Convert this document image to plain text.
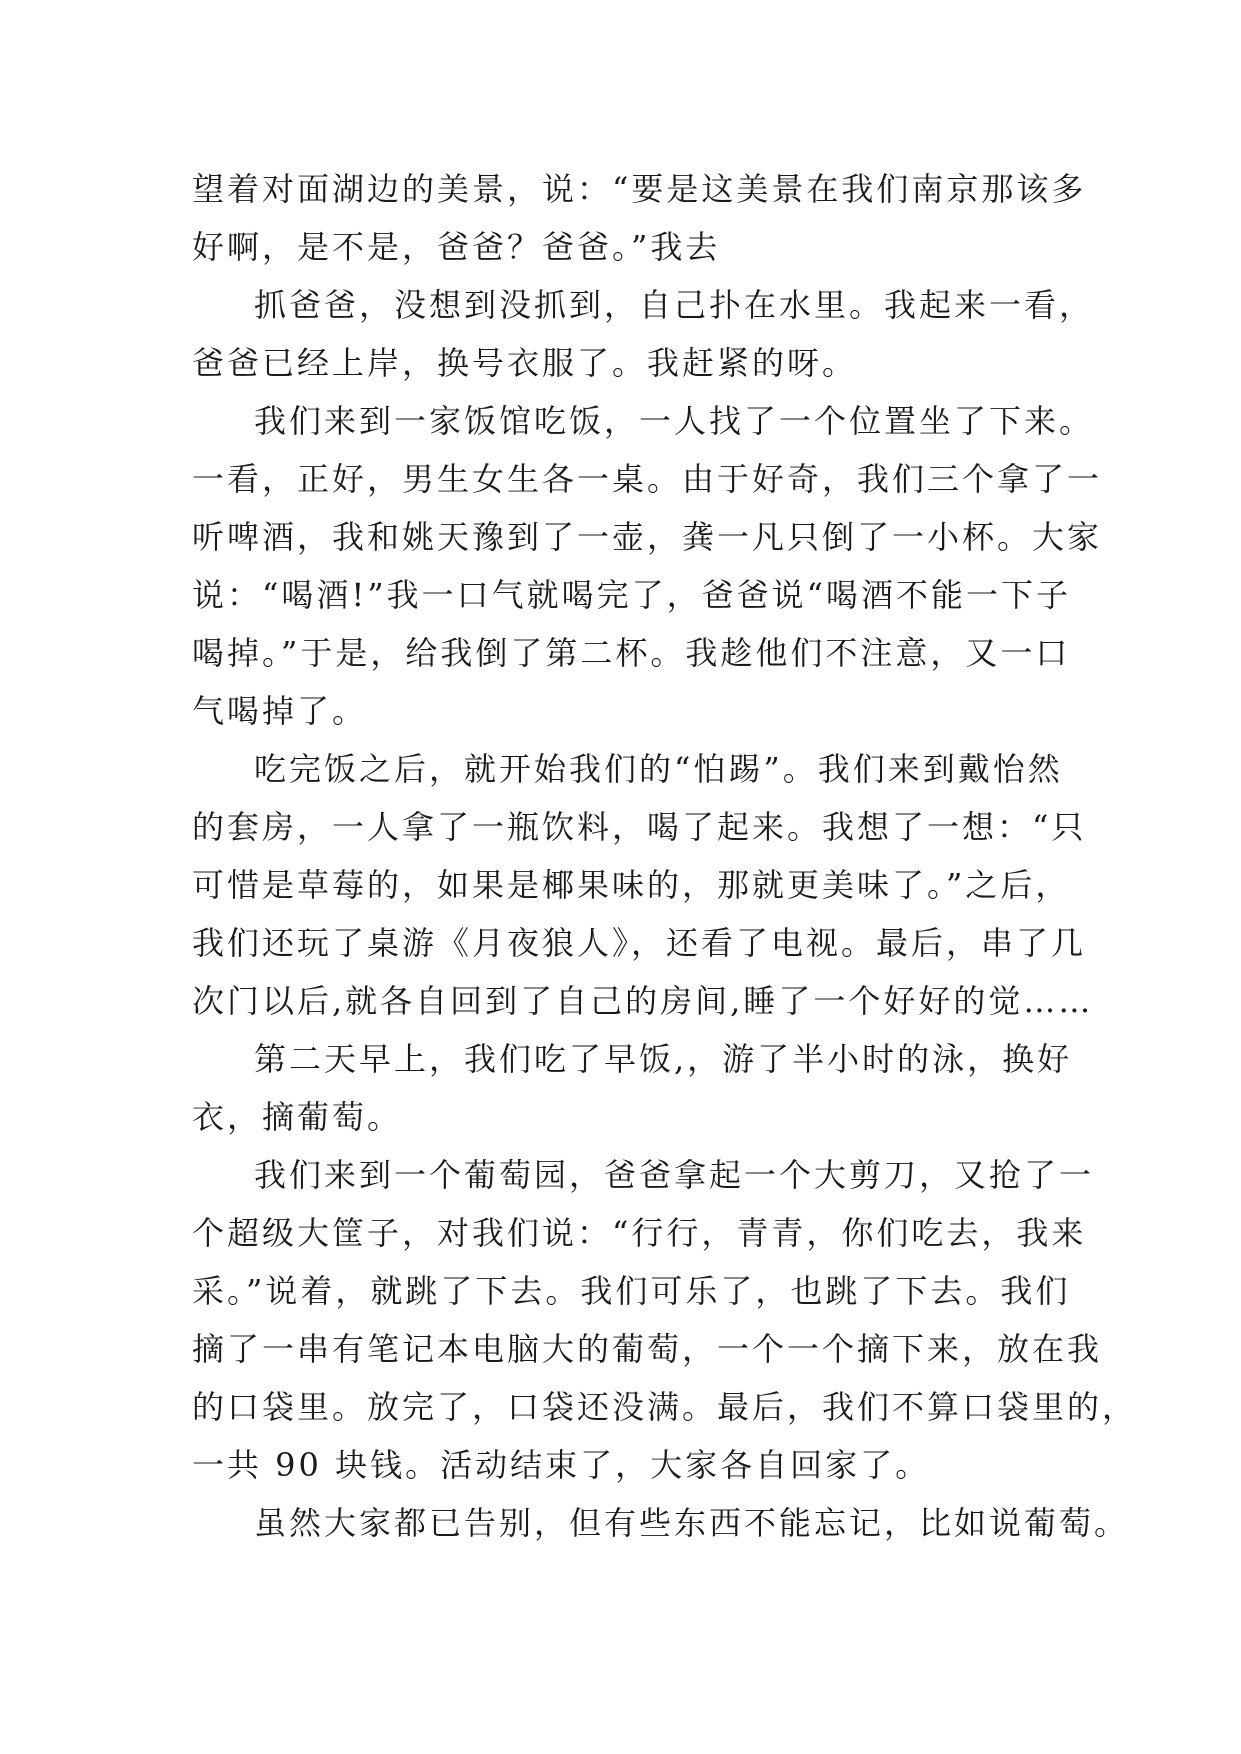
望着对面湖边的美景，说：“要是这美景在我们南京那该多
好啊，是不是，爸爸？爸爸。”我去
抓爸爸，没想到没抓到，自己扑在水里。我起来一看，
爸爸已经上岸，换号衣服了。我赶紧的呀。
我们来到一家饭馆吃饭，一人找了一个位置坐了下来。
一看，正好，男生女生各一桌。由于好奇，我们三个拿了一
听啤酒，我和姚天豫到了一壶，龚一凡只倒了一小杯。大家
说：“喝酒!”我一口气就喝完了，爸爸说“喝酒不能一下子
喝掉。”于是，给我倒了第二杯。我趁他们不注意，又一口
气喝掉了。
吃完饭之后，就开始我们的“怕踢”。我们来到戴怡然
的套房，一人拿了一瓶饮料，喝了起来。我想了一想：“只
可惜是草莓的，如果是椰果味的，那就更美味了。”之后，
我们还玩了桌游《月夜狼人》，还看了电视。最后，串了几
次门以后,就各自回到了自己的房间,睡了一个好好的觉……
第二天早上，我们吃了早饭,，游了半小时的泳，换好
衣，摘葡萄。
我们来到一个葡萄园，爸爸拿起一个大剪刀，又抢了一
个超级大筐子，对我们说：“行行，青青，你们吃去，我来
采。”说着，就跳了下去。我们可乐了，也跳了下去。我们
摘了一串有笔记本电脑大的葡萄，一个一个摘下来，放在我
的口袋里。放完了，口袋还没满。最后，我们不算口袋里的，
一共 90 块钱。活动结束了，大家各自回家了。
虽然大家都已告别，但有些东西不能忘记，比如说葡萄。
